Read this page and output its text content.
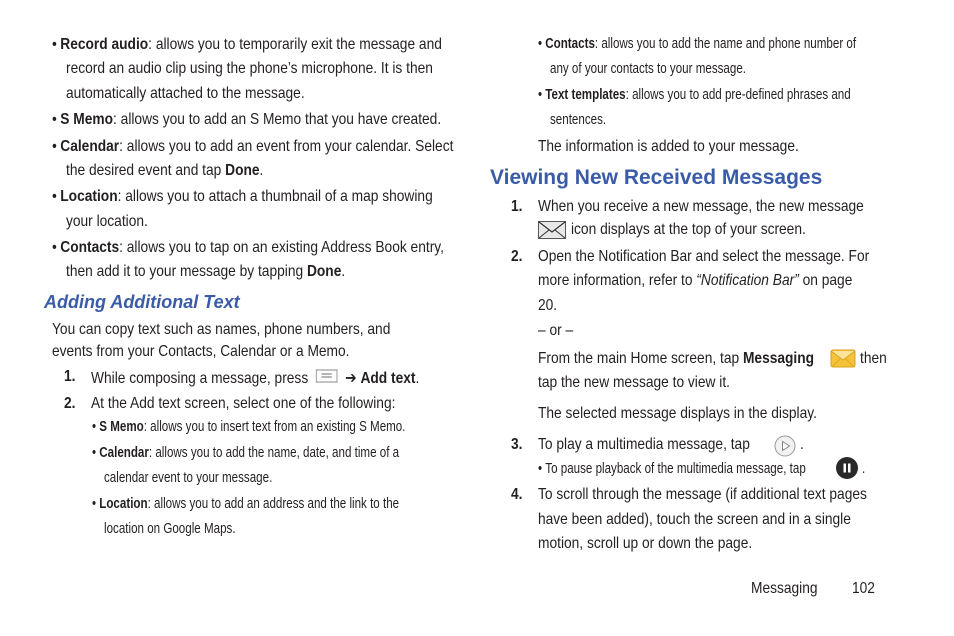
• Record audio: allows you to temporarily exit the message and
record an audio clip using the phone’s microphone. It is then
automatically attached to the message.
• S Memo: allows you to add an S Memo that you have created.
• Calendar: allows you to add an event from your calendar. Select
the desired event and tap Done.
• Location: allows you to attach a thumbnail of a map showing
your location.
• Contacts: allows you to tap on an existing Address Book entry,
then add it to your message by tapping Done.
Adding Additional Text
You can copy text such as names, phone numbers, and
events from your Contacts, Calendar or a Memo.
1. While composing a message, press ➔ Add text.
2. At the Add text screen, select one of the following:
• S Memo: allows you to insert text from an existing S Memo.
• Calendar: allows you to add the name, date, and time of a
calendar event to your message.
• Location: allows you to add an address and the link to the
location on Google Maps.
• Contacts: allows you to add the name and phone number of
any of your contacts to your message.
• Text templates: allows you to add pre-defined phrases and
sentences.
The information is added to your message.
Viewing New Received Messages
1. When you receive a new message, the new message
icon displays at the top of your screen.
2. Open the Notification Bar and select the message. For
more information, refer to “Notification Bar” on page
20.
– or –
From the main Home screen, tap Messaging	then
tap the new message to view it.
The selected message displays in the display.
3. To play a multimedia message, tap	.
• To pause playback of the multimedia message, tap	.
4. To scroll through the message (if additional text pages
have been added), touch the screen and in a single
motion, scroll up or down the page.
Messaging 102
